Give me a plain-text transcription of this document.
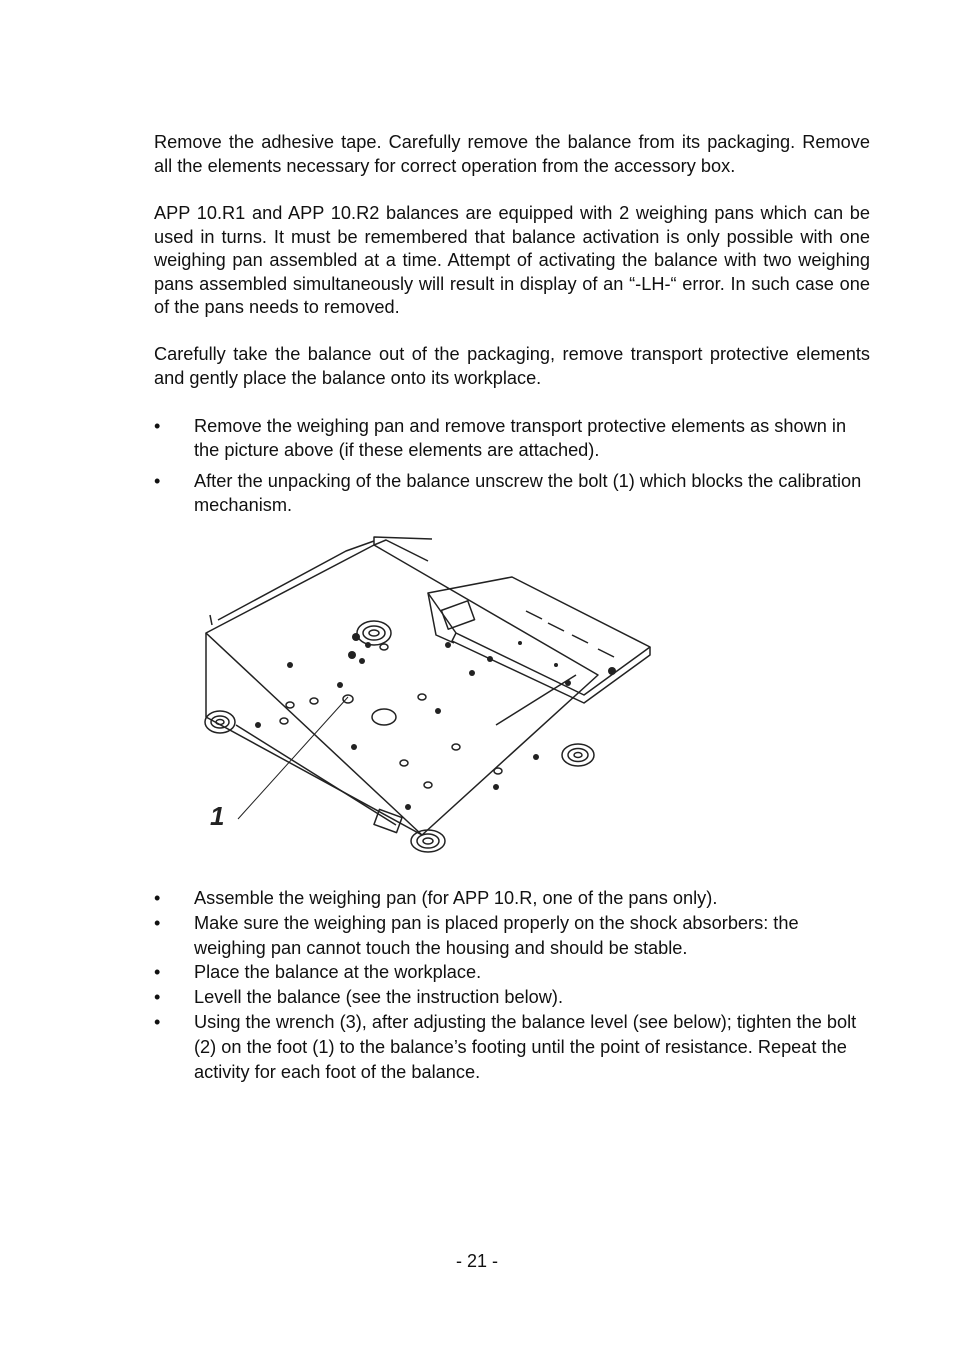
Remove the adhesive tape. Carefully remove the balance from its packaging. Remove all the elements necessary for correct operation from the accessory box.

APP 10.R1 and APP 10.R2 balances are equipped with 2 weighing pans which can be used in turns. It must be remembered that balance activation is only possible with one weighing pan assembled at a time. Attempt of activating the balance with two weighing pans assembled simultaneously will result in display of an “-LH-“ error. In such case one of the pans needs to removed.

Carefully take the balance out of the packaging, remove transport protective elements and gently place the balance onto its workplace.

• Remove the weighing pan and remove transport protective elements as shown in the picture above (if these elements are attached).
• After the unpacking of the balance unscrew the bolt (1) which blocks the calibration mechanism.
1
• Assemble the weighing pan (for APP 10.R, one of the pans only).
• Make sure the weighing pan is placed properly on the shock absorbers: the weighing pan cannot touch the housing and should be stable.
• Place the balance at the workplace.
• Levell the balance (see the instruction below).
• Using the wrench (3), after adjusting the balance level (see below); tighten the bolt (2) on the foot (1) to the balance’s footing until the point of resistance. Repeat the activity for each foot of the balance.
- 21 -
